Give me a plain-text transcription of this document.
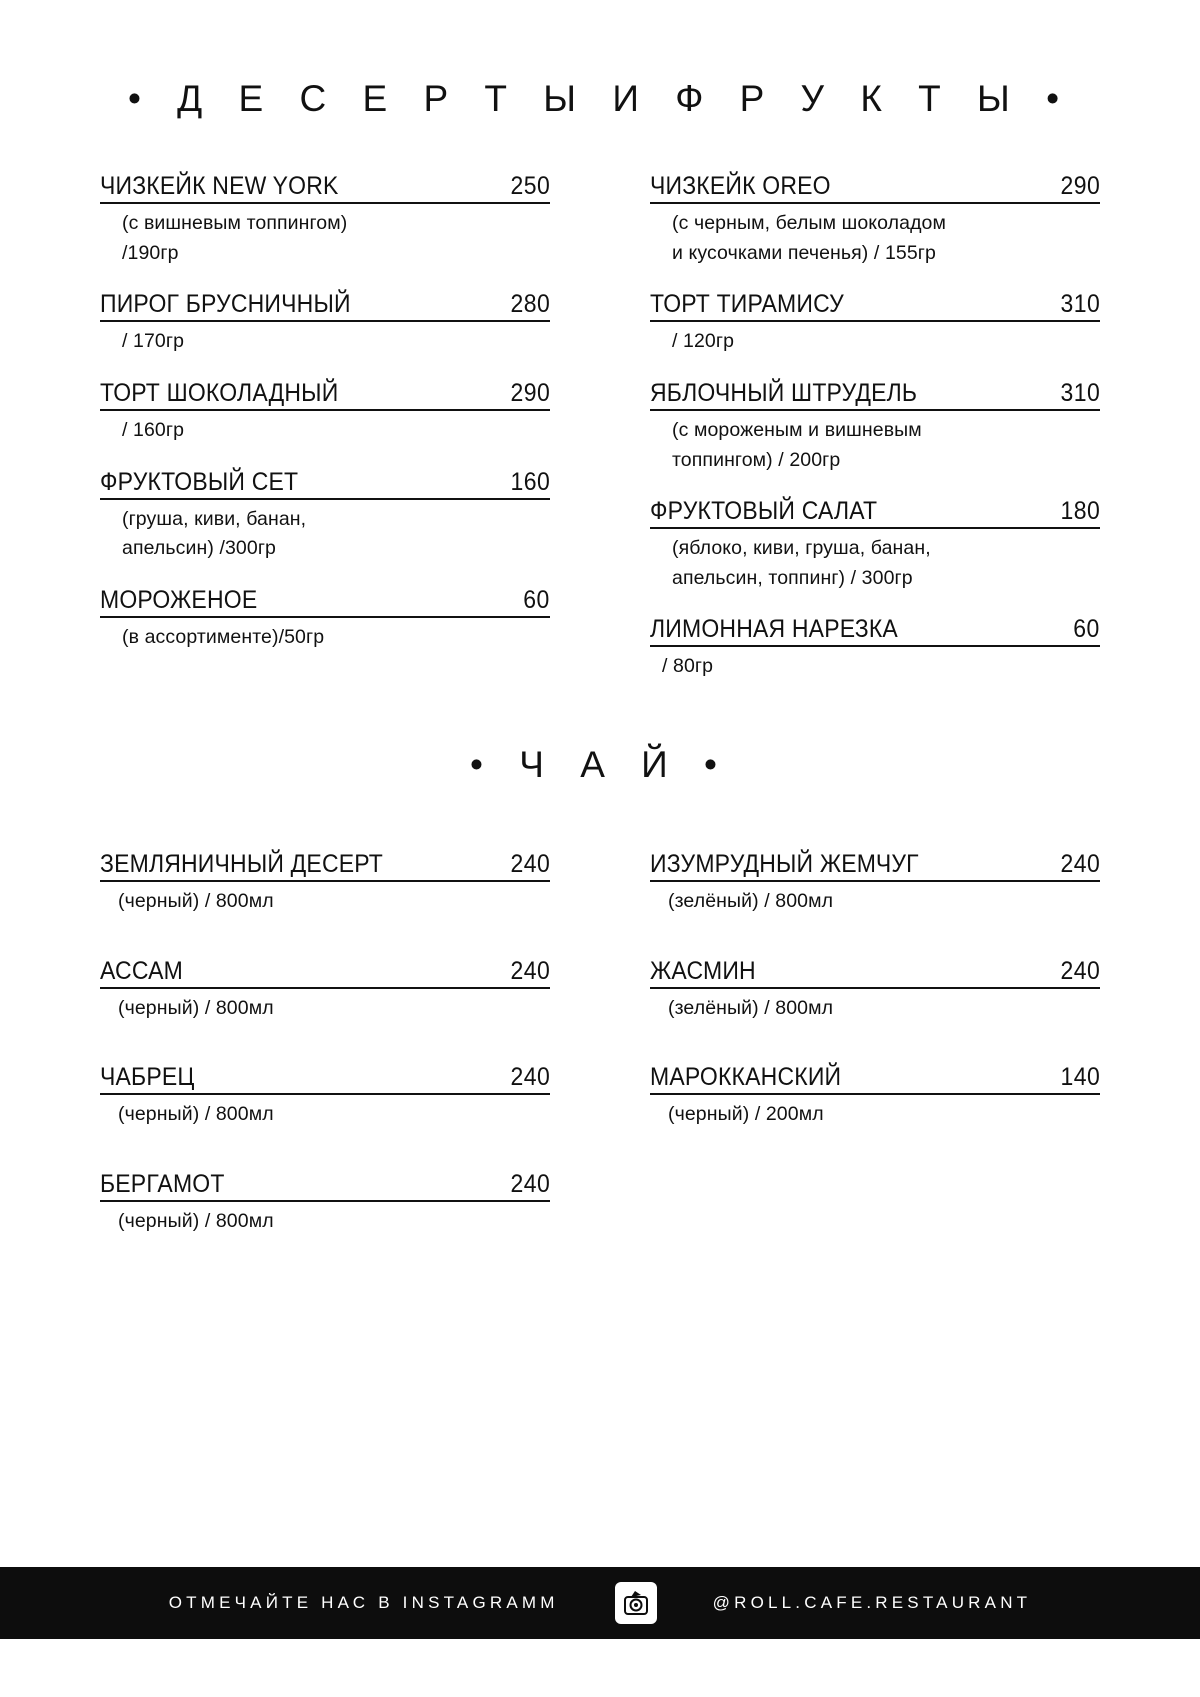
• Д Е С Е Р Т Ы И Ф Р У К Т Ы •
ЧИЗКЕЙК NEW YORK	250
(с вишневым топпингом)
/190гр
ПИРОГ БРУСНИЧНЫЙ	280
/ 170гр
ТОРТ ШОКОЛАДНЫЙ	290
/ 160гр
ФРУКТОВЫЙ СЕТ	160
(груша, киви, банан,
апельсин) /300гр
МОРОЖЕНОЕ	60
(в ассортименте)/50гр
ЧИЗКЕЙК OREO	290
(с черным, белым шоколадом
и кусочками печенья) / 155гр
ТОРТ ТИРАМИСУ	310
/ 120гр
ЯБЛОЧНЫЙ ШТРУДЕЛЬ	310
(с мороженым и вишневым
топпингом) / 200гр
ФРУКТОВЫЙ САЛАТ	180
(яблоко, киви, груша, банан,
апельсин, топпинг) / 300гр
ЛИМОННАЯ НАРЕЗКА	60
/ 80гр
• Ч А Й •
ЗЕМЛЯНИЧНЫЙ ДЕСЕРТ	240
(черный) / 800мл
АССАМ	240
(черный) / 800мл
ЧАБРЕЦ	240
(черный) / 800мл
БЕРГАМОТ	240
(черный) / 800мл
ИЗУМРУДНЫЙ ЖЕМЧУГ	240
(зелёный) / 800мл
ЖАСМИН	240
(зелёный) / 800мл
МАРОККАНСКИЙ	140
(черный) / 200мл
ОТМЕЧАЙТЕ НАС В INSTAGRAMM	@ROLL.CAFE.RESTAURANT
